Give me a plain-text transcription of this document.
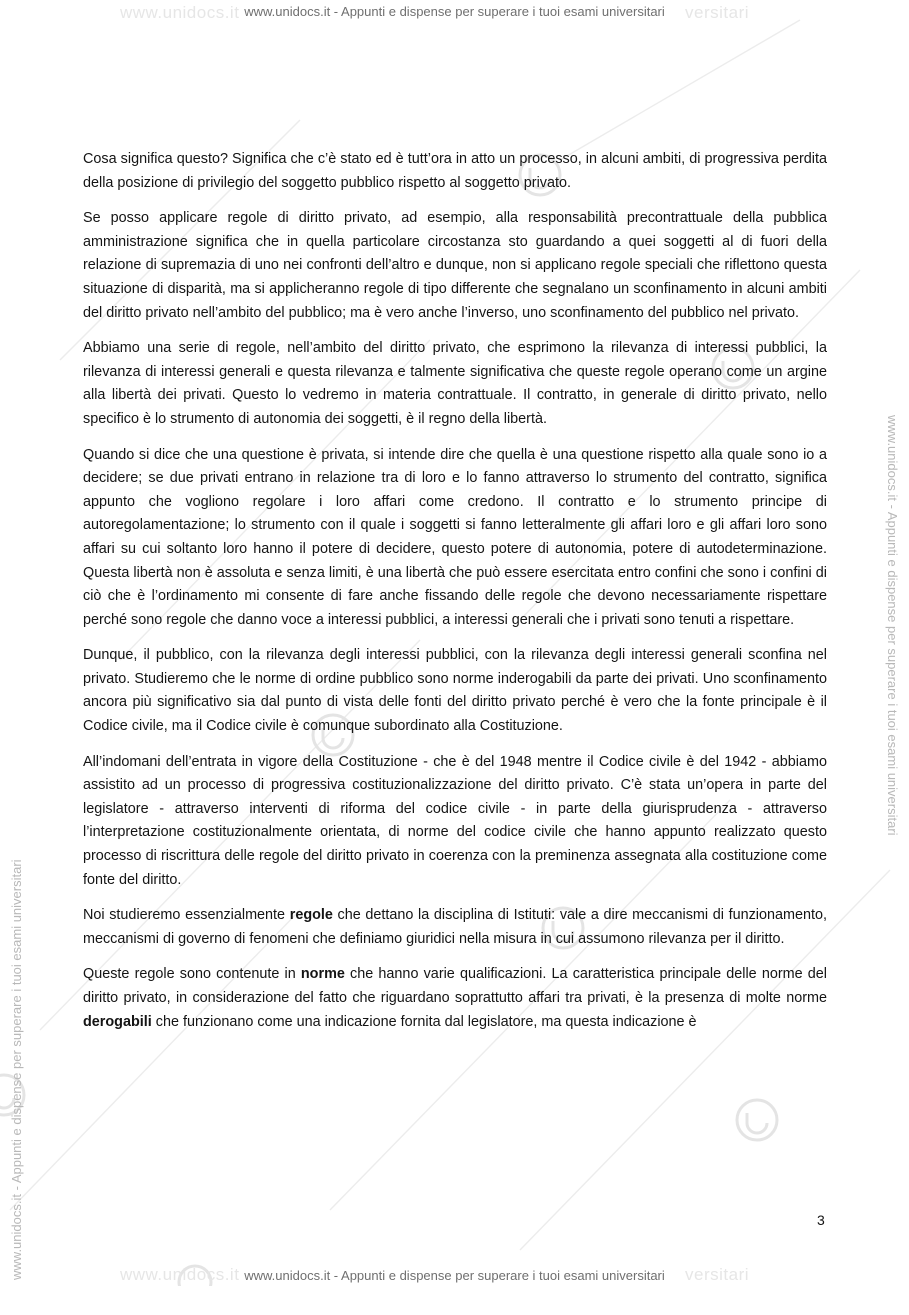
www.unidocs.it	versitari
www.unidocs.it	versitari
www.unidocs.it - Appunti e dispense per superare i tuoi esami universitari
www.unidocs.it - Appunti e dispense per superare i tuoi esami universitari
www.unidocs.it - Appunti e dispense per superare i tuoi esami universitari

Cosa significa questo? Significa che c’è stato ed è tutt’ora in atto un processo, in alcuni ambiti, di progressiva perdita della posizione di privilegio del soggetto pubblico rispetto al soggetto privato.

Se posso applicare regole di diritto privato, ad esempio, alla responsabilità precontrattuale della pubblica amministrazione significa che in quella particolare circostanza sto guardando a quei soggetti al di fuori della relazione di supremazia di uno nei confronti dell’altro e dunque, non si applicano regole speciali che riflettono questa situazione di disparità, ma si applicheranno regole di tipo differente che segnalano un sconfinamento in alcuni ambiti del diritto privato nell’ambito del pubblico; ma è vero anche l’inverso, uno sconfinamento del pubblico nel privato.

Abbiamo una serie di regole, nell’ambito del diritto privato, che esprimono la rilevanza di interessi pubblici, la rilevanza di interessi generali e questa rilevanza e talmente significativa che queste regole operano come un argine alla libertà dei privati. Questo lo vedremo in materia contrattuale. Il contratto, in generale di diritto privato, nello specifico è lo strumento di autonomia dei soggetti, è il regno della libertà.

Quando si dice che una questione è privata, si intende dire che quella è una questione rispetto alla quale sono io a decidere; se due privati entrano in relazione tra di loro e lo fanno attraverso lo strumento del contratto, significa appunto che vogliono regolare i loro affari come credono. Il contratto e lo strumento principe di autoregolamentazione; lo strumento con il quale i soggetti si fanno letteralmente gli affari loro e gli affari loro sono affari su cui soltanto loro hanno il potere di decidere, questo potere di autonomia, potere di autodeterminazione. Questa libertà non è assoluta e senza limiti, è una libertà che può essere esercitata entro confini che sono i confini di ciò che è l’ordinamento mi consente di fare anche fissando delle regole che devono necessariamente rispettare perché sono regole che danno voce a interessi pubblici, a interessi generali che i privati sono tenuti a rispettare.

Dunque, il pubblico, con la rilevanza degli interessi pubblici, con la rilevanza degli interessi generali sconfina nel privato. Studieremo che le norme di ordine pubblico sono norme inderogabili da parte dei privati. Uno sconfinamento ancora più significativo sia dal punto di vista delle fonti del diritto privato perché è vero che la fonte principale è il Codice civile, ma il Codice civile è comunque subordinato alla Costituzione.

All’indomani dell’entrata in vigore della Costituzione - che è del 1948 mentre il Codice civile è del 1942 - abbiamo assistito ad un processo di progressiva costituzionalizzazione del diritto privato. C’è stata un’opera in parte del legislatore - attraverso interventi di riforma del codice civile - in parte della giurisprudenza - attraverso l’interpretazione costituzionalmente orientata, di norme del codice civile che hanno appunto realizzato questo processo di riscrittura delle regole del diritto privato in coerenza con la preminenza assegnata alla costituzione come fonte del diritto.

Noi studieremo essenzialmente regole che dettano la disciplina di Istituti: vale a dire meccanismi di funzionamento, meccanismi di governo di fenomeni che definiamo giuridici nella misura in cui assumono rilevanza per il diritto.

Queste regole sono contenute in norme che hanno varie qualificazioni. La caratteristica principale delle norme del diritto privato, in considerazione del fatto che riguardano soprattutto affari tra privati, è la presenza di molte norme derogabili che funzionano come una indicazione fornita dal legislatore, ma questa indicazione è

3
www.unidocs.it - Appunti e dispense per superare i tuoi esami universitari
